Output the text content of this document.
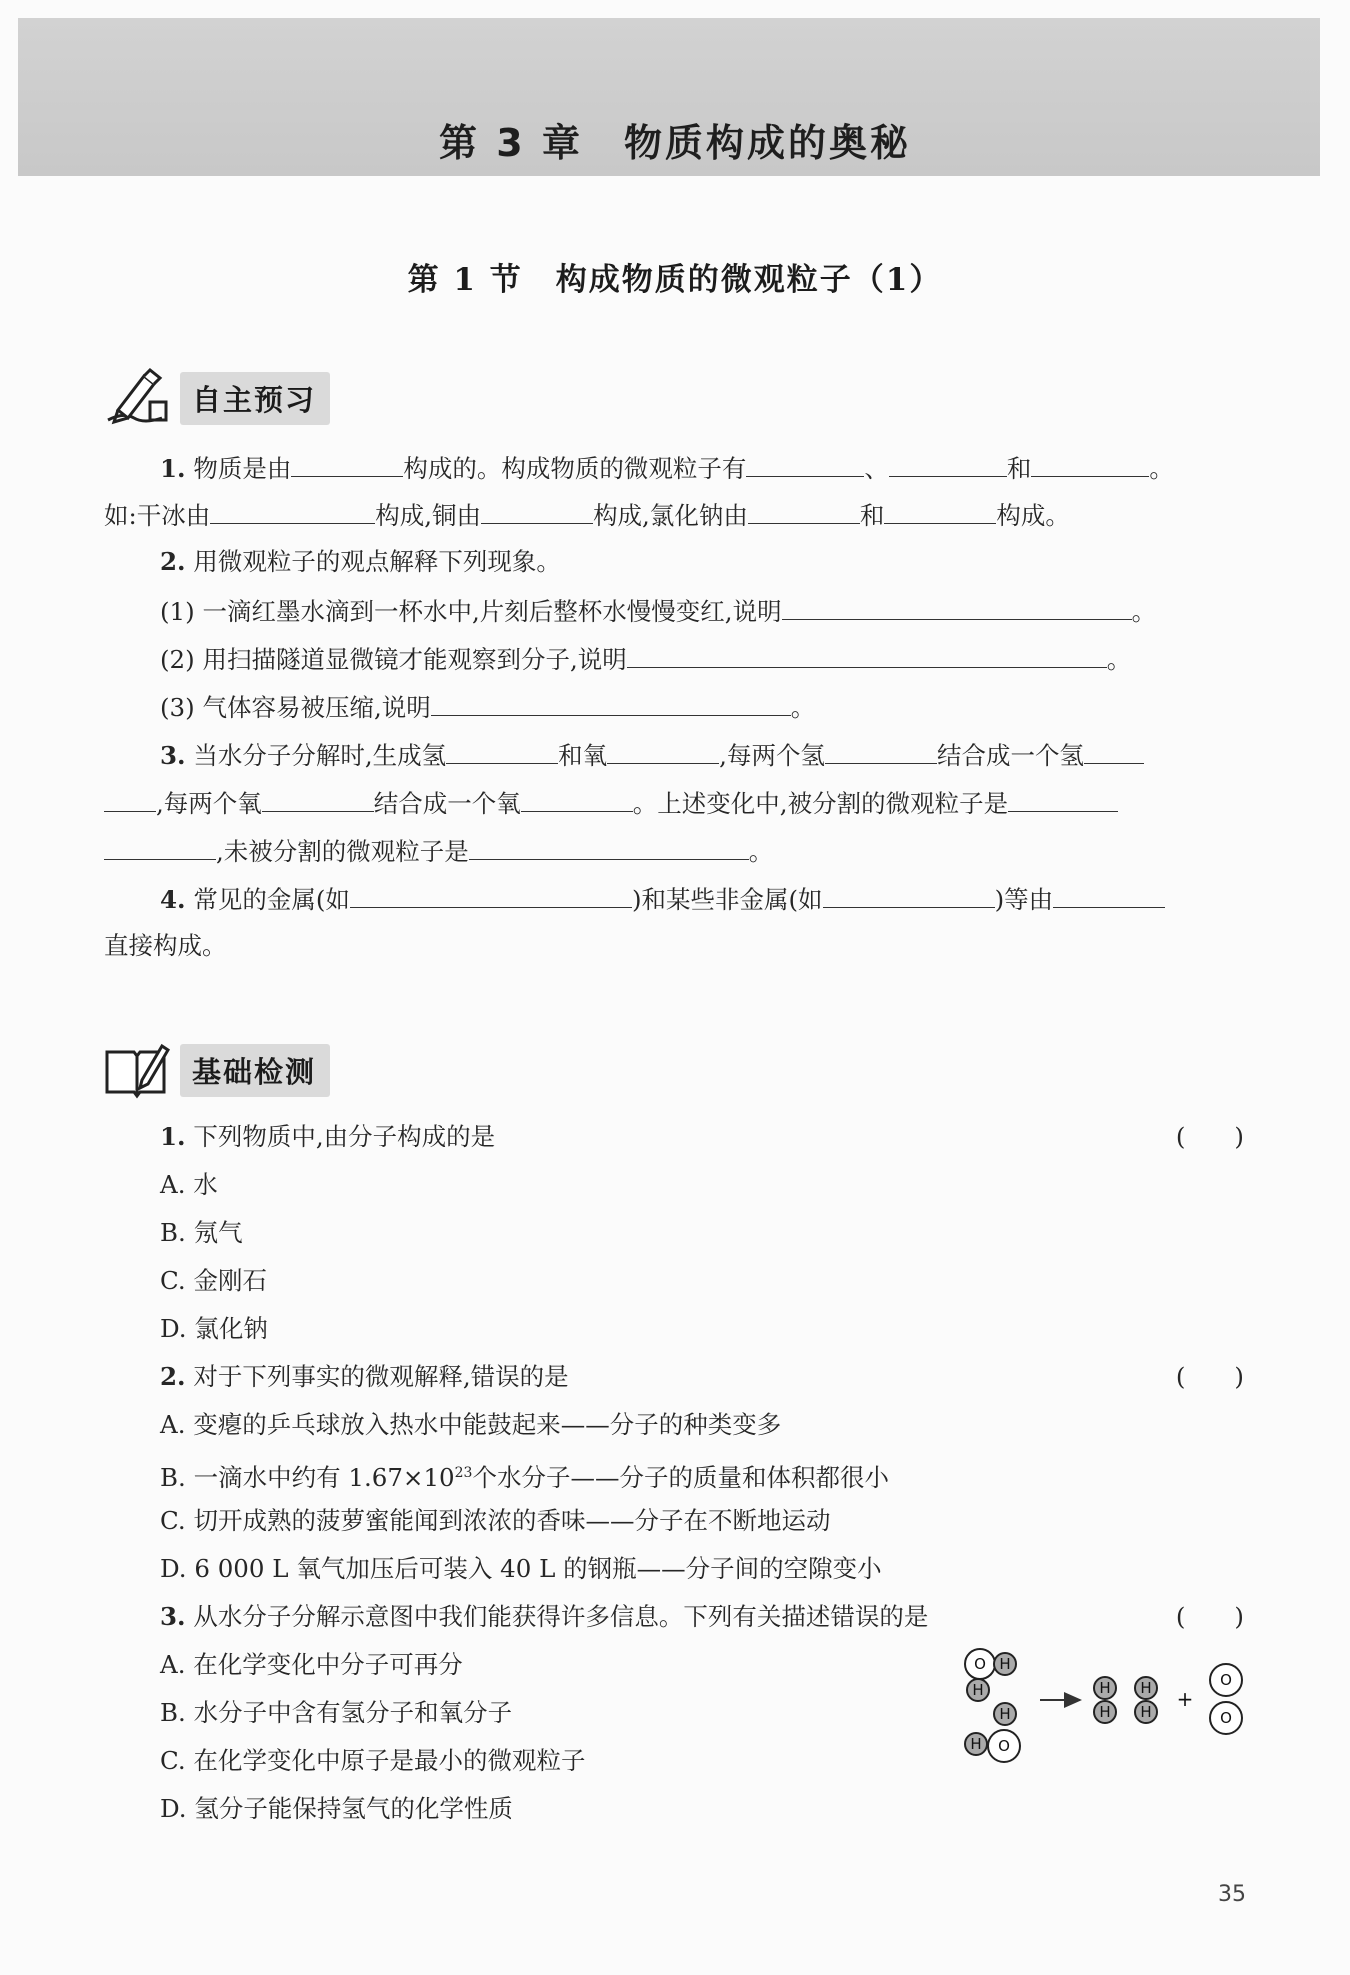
第 3 章　物质构成的奥秘
第 1 节　构成物质的微观粒子（1）
自主预习
1. 物质是由	构成的。构成物质的微观粒子有	、	和	。
如:干冰由	构成,铜由	构成,氯化钠由	和	构成。
2. 用微观粒子的观点解释下列现象。
(1) 一滴红墨水滴到一杯水中,片刻后整杯水慢慢变红,说明	。
(2) 用扫描隧道显微镜才能观察到分子,说明	。
(3) 气体容易被压缩,说明	。
3. 当水分子分解时,生成氢	和氧	,每两个氢	结合成一个氢
,每两个氧	结合成一个氧	。上述变化中,被分割的微观粒子是
,未被分割的微观粒子是	。
4. 常见的金属(如	)和某些非金属(如	)等由
直接构成。
基础检测
1. 下列物质中,由分子构成的是	(　　)
A. 水
B. 氖气
C. 金刚石
D. 氯化钠
2. 对于下列事实的微观解释,错误的是	(　　)
A. 变瘪的乒乓球放入热水中能鼓起来——分子的种类变多
B. 一滴水中约有 $1.67\times 10^{23}$个水分子——分子的质量和体积都很小
C. 切开成熟的菠萝蜜能闻到浓浓的香味——分子在不断地运动
D. 6 000 L 氧气加压后可装入 40 L 的钢瓶——分子间的空隙变小
3. 从水分子分解示意图中我们能获得许多信息。下列有关描述错误的是	(　　)
A. 在化学变化中分子可再分
B. 水分子中含有氢分子和氧分子
C. 在化学变化中原子是最小的微观粒子
D. 氢分子能保持氢气的化学性质
O H
H
H
H O
H
H
H
H
+
O
O
35
